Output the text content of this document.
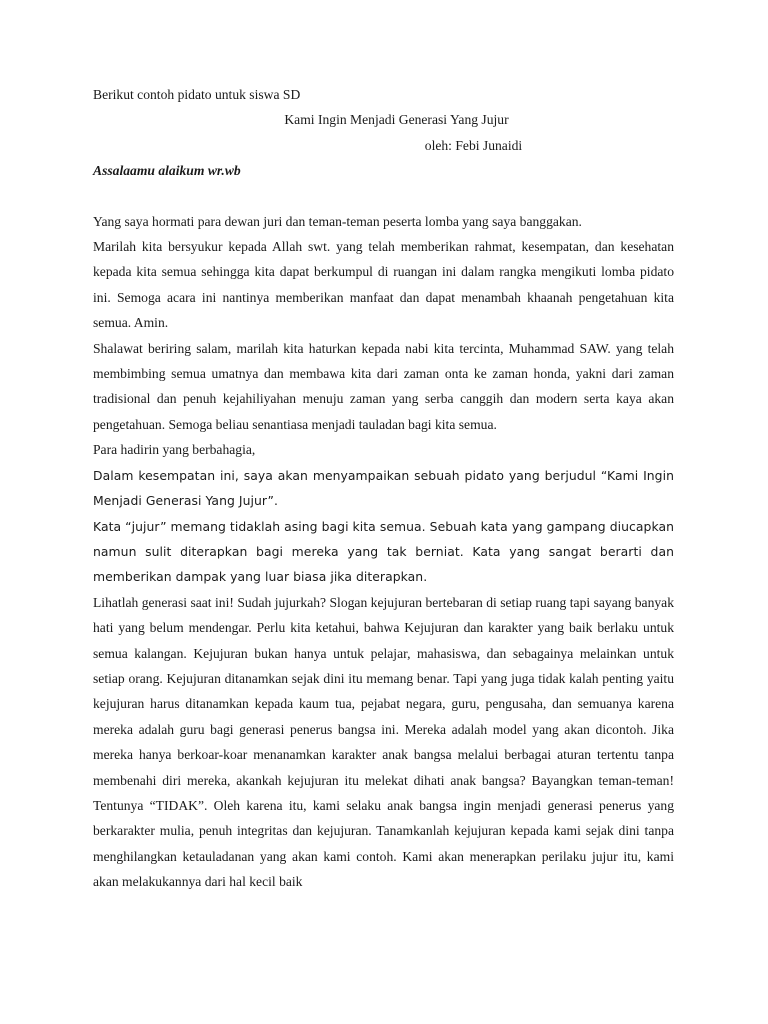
Berikut contoh pidato untuk siswa SD

Kami Ingin Menjadi Generasi Yang Jujur

oleh: Febi Junaidi

Assalaamu alaikum wr.wb

Yang saya hormati para dewan juri dan teman-teman peserta lomba yang saya banggakan.

Marilah kita bersyukur kepada Allah swt. yang telah memberikan rahmat, kesempatan, dan kesehatan kepada kita semua sehingga kita dapat berkumpul di ruangan ini dalam rangka mengikuti lomba pidato ini. Semoga acara ini nantinya memberikan manfaat dan dapat menambah khaanah pengetahuan kita semua. Amin.

Shalawat beriring salam, marilah kita haturkan kepada nabi kita tercinta, Muhammad SAW. yang telah membimbing semua umatnya dan membawa kita dari zaman onta ke zaman honda, yakni dari zaman tradisional dan penuh kejahiliyahan menuju zaman yang serba canggih dan modern serta kaya akan pengetahuan. Semoga beliau senantiasa menjadi tauladan bagi kita semua.

Para hadirin yang berbahagia,

Dalam kesempatan ini, saya akan menyampaikan sebuah pidato yang berjudul “Kami Ingin Menjadi Generasi Yang Jujur”.

Kata “jujur” memang tidaklah asing bagi kita semua. Sebuah kata yang gampang diucapkan namun sulit diterapkan bagi mereka yang tak berniat. Kata yang sangat berarti dan memberikan dampak yang luar biasa jika diterapkan.

Lihatlah generasi saat ini! Sudah jujurkah? Slogan kejujuran bertebaran di setiap ruang tapi sayang banyak hati yang belum mendengar. Perlu kita ketahui, bahwa Kejujuran dan karakter yang baik berlaku untuk semua kalangan. Kejujuran bukan hanya untuk pelajar, mahasiswa, dan sebagainya melainkan untuk setiap orang. Kejujuran ditanamkan sejak dini itu memang benar. Tapi yang juga tidak kalah penting yaitu kejujuran harus ditanamkan kepada kaum tua, pejabat negara, guru, pengusaha, dan semuanya karena mereka adalah guru bagi generasi penerus bangsa ini. Mereka adalah model yang akan dicontoh. Jika mereka hanya berkoar-koar menanamkan karakter anak bangsa melalui berbagai aturan tertentu tanpa membenahi diri mereka, akankah kejujuran itu melekat dihati anak bangsa? Bayangkan teman-teman! Tentunya “TIDAK”. Oleh karena itu, kami selaku anak bangsa ingin menjadi generasi penerus yang berkarakter mulia, penuh integritas dan kejujuran. Tanamkanlah kejujuran kepada kami sejak dini tanpa menghilangkan ketauladanan yang akan kami contoh. Kami akan menerapkan perilaku jujur itu, kami akan melakukannya dari hal kecil baik
